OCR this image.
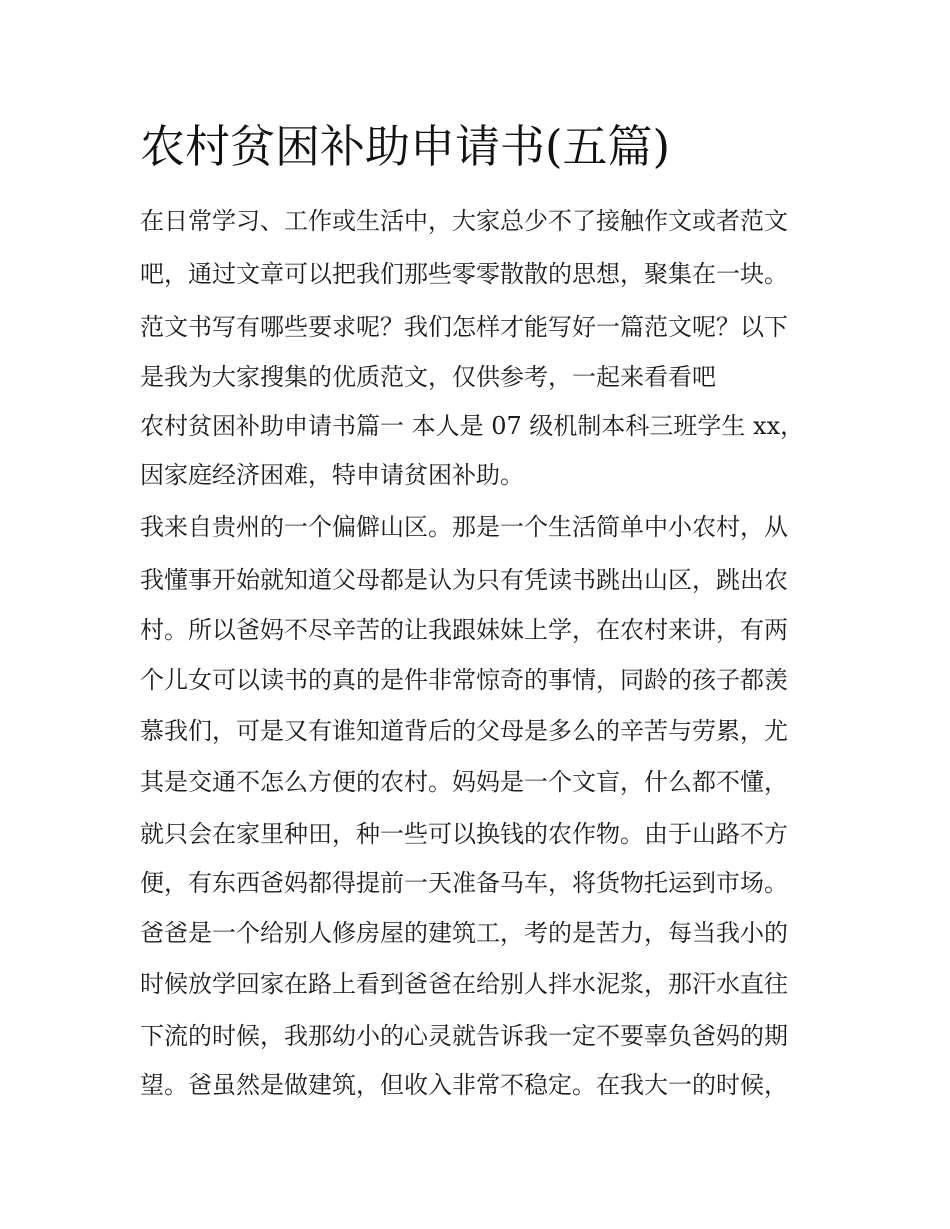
农村贫困补助申请书(五篇)

在日常学习、工作或生活中，大家总少不了接触作文或者范文

吧，通过文章可以把我们那些零零散散的思想，聚集在一块。

范文书写有哪些要求呢？我们怎样才能写好一篇范文呢？以下

是我为大家搜集的优质范文，仅供参考，一起来看看吧

农村贫困补助申请书篇一 本人是 07 级机制本科三班学生 xx，

因家庭经济困难，特申请贫困补助。

我来自贵州的一个偏僻山区。那是一个生活简单中小农村，从

我懂事开始就知道父母都是认为只有凭读书跳出山区，跳出农

村。所以爸妈不尽辛苦的让我跟妹妹上学，在农村来讲，有两

个儿女可以读书的真的是件非常惊奇的事情，同龄的孩子都羡

慕我们，可是又有谁知道背后的父母是多么的辛苦与劳累，尤

其是交通不怎么方便的农村。妈妈是一个文盲，什么都不懂，

就只会在家里种田，种一些可以换钱的农作物。由于山路不方

便，有东西爸妈都得提前一天准备马车，将货物托运到市场。

爸爸是一个给别人修房屋的建筑工，考的是苦力，每当我小的

时候放学回家在路上看到爸爸在给别人拌水泥浆，那汗水直往

下流的时候，我那幼小的心灵就告诉我一定不要辜负爸妈的期

望。爸虽然是做建筑，但收入非常不稳定。在我大一的时候，
